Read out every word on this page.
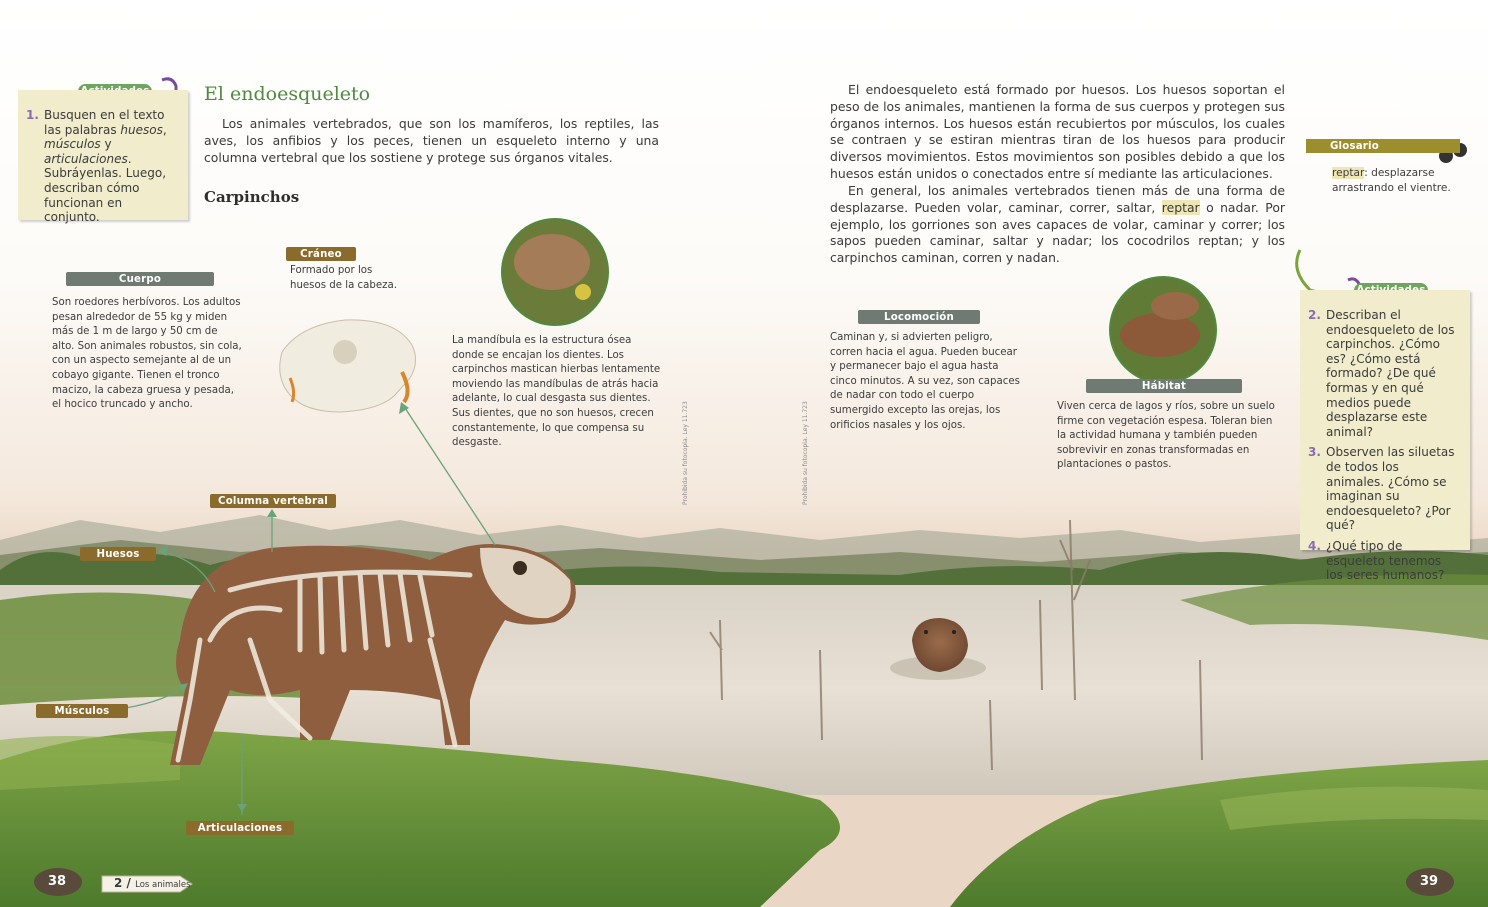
1. Busquen en el texto las palabras huesos, músculos y articulaciones. Subráyenlas. Luego, describan cómo funcionan en conjunto.
El endoesqueleto
Los animales vertebrados, que son los mamíferos, los reptiles, las aves, los anfibios y los peces, tienen un esqueleto interno y una columna vertebral que los sostiene y protege sus órganos vitales.
Carpinchos
Cuerpo
Son roedores herbívoros. Los adultos pesan alrededor de 55 kg y miden más de 1 m de largo y 50 cm de alto. Son animales robustos, sin cola, con un aspecto semejante al de un cobayo gigante. Tienen el tronco macizo, la cabeza gruesa y pesada, el hocico truncado y ancho.
Cráneo
Formado por los huesos de la cabeza.
La mandíbula es la estructura ósea donde se encajan los dientes. Los carpinchos mastican hierbas lentamente moviendo las mandíbulas de atrás hacia adelante, lo cual desgasta sus dientes. Sus dientes, que no son huesos, crecen constantemente, lo que compensa su desgaste.
Columna vertebral
Huesos
Músculos
Articulaciones
Prohibida su fotocopia. Ley 11.723
38	2 / Los animales
Prohibida su fotocopia. Ley 11.723
El endoesqueleto está formado por huesos. Los huesos soportan el peso de los animales, mantienen la forma de sus cuerpos y protegen sus órganos internos. Los huesos están recubiertos por músculos, los cuales se contraen y se estiran mientras tiran de los huesos para producir diversos movimientos. Estos movimientos son posibles debido a que los huesos están unidos o conectados entre sí mediante las articulaciones.
En general, los animales vertebrados tienen más de una forma de desplazarse. Pueden volar, caminar, correr, saltar, reptar o nadar. Por ejemplo, los gorriones son aves capaces de volar, caminar y correr; los sapos pueden caminar, saltar y nadar; los cocodrilos reptan; y los carpinchos caminan, corren y nadan.
Glosario
reptar: desplazarse arrastrando el vientre.
Locomoción
Caminan y, si advierten peligro, corren hacia el agua. Pueden bucear y permanecer bajo el agua hasta cinco minutos. A su vez, son capaces de nadar con todo el cuerpo sumergido excepto las orejas, los orificios nasales y los ojos.
Hábitat
Viven cerca de lagos y ríos, sobre un suelo firme con vegetación espesa. Toleran bien la actividad humana y también pueden sobrevivir en zonas transformadas en plantaciones o pastos.
2. Describan el endoesqueleto de los carpinchos. ¿Cómo es? ¿Cómo está formado? ¿De qué formas y en qué medios puede desplazarse este animal?
3. Observen las siluetas de todos los animales. ¿Cómo se imaginan su endoesqueleto? ¿Por qué?
4. ¿Qué tipo de esqueleto tenemos los seres humanos?
39
